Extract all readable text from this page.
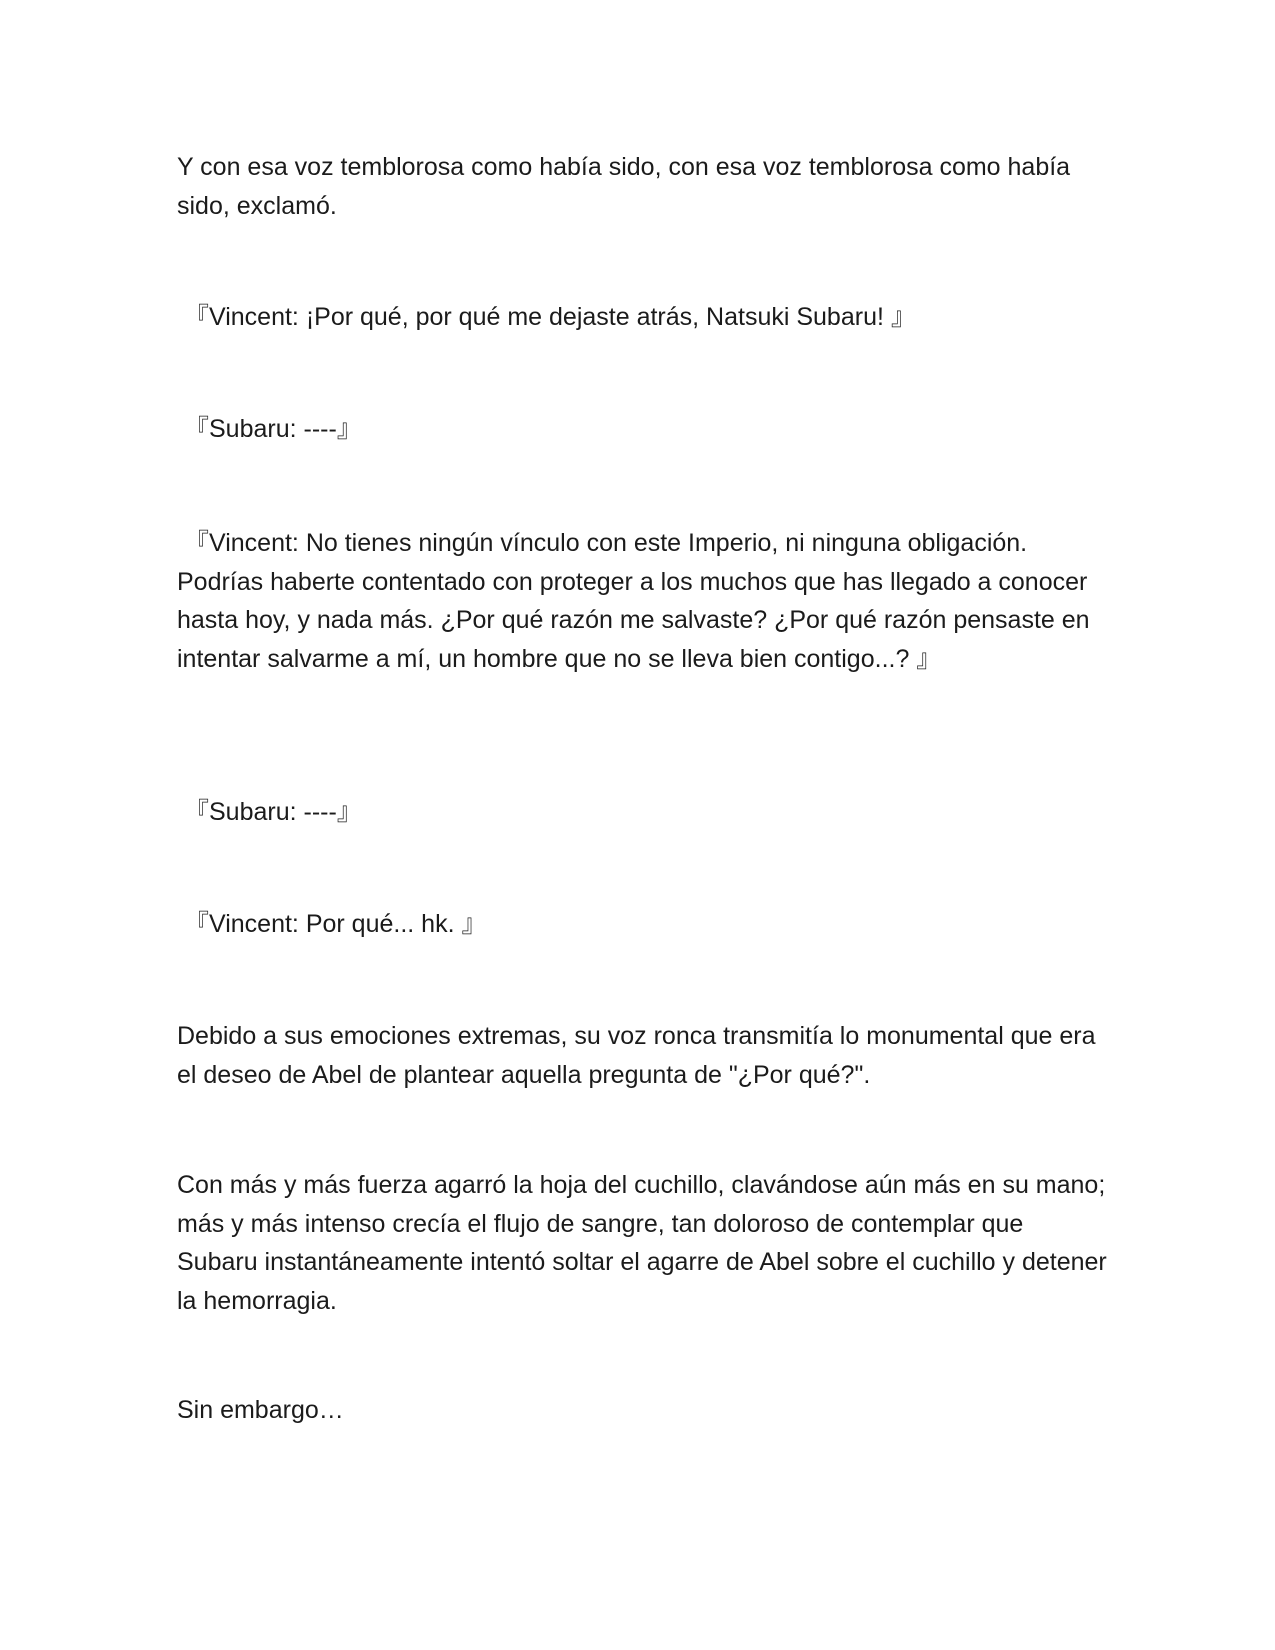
Y con esa voz temblorosa como había sido, con esa voz temblorosa como había sido, exclamó.

『Vincent: ¡Por qué, por qué me dejaste atrás, Natsuki Subaru! 』

『Subaru: ----』

『Vincent: No tienes ningún vínculo con este Imperio, ni ninguna obligación. Podrías haberte contentado con proteger a los muchos que has llegado a conocer hasta hoy, y nada más. ¿Por qué razón me salvaste? ¿Por qué razón pensaste en intentar salvarme a mí, un hombre que no se lleva bien contigo...? 』

『Subaru: ----』

『Vincent: Por qué... hk. 』

Debido a sus emociones extremas, su voz ronca transmitía lo monumental que era el deseo de Abel de plantear aquella pregunta de "¿Por qué?".

Con más y más fuerza agarró la hoja del cuchillo, clavándose aún más en su mano; más y más intenso crecía el flujo de sangre, tan doloroso de contemplar que Subaru instantáneamente intentó soltar el agarre de Abel sobre el cuchillo y detener la hemorragia.

Sin embargo…
